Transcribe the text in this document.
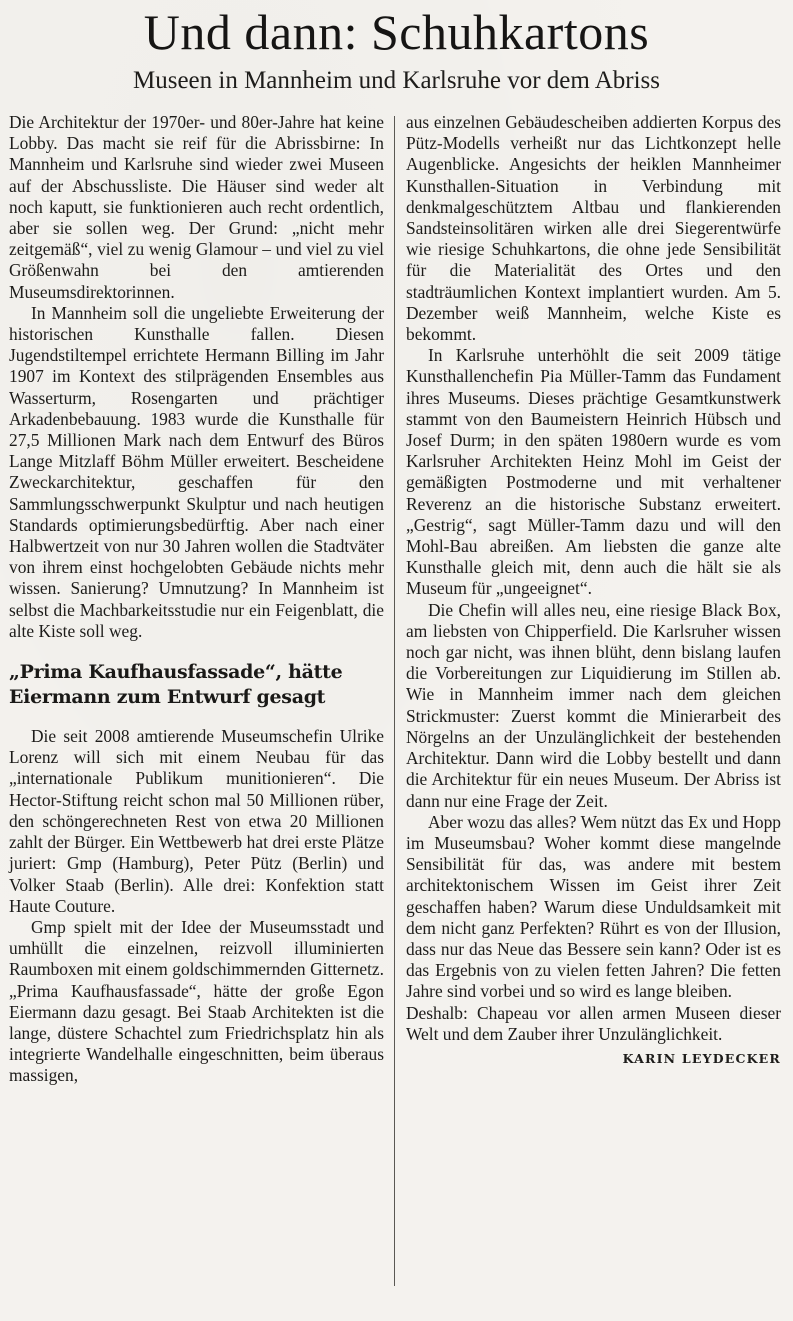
Und dann: Schuhkartons
Museen in Mannheim und Karlsruhe vor dem Abriss

Die Architektur der 1970er- und 80er-Jahre hat keine Lobby. Das macht sie reif für die Abrissbirne: In Mannheim und Karlsruhe sind wieder zwei Museen auf der Abschussliste. Die Häuser sind weder alt noch kaputt, sie funktionieren auch recht ordentlich, aber sie sollen weg. Der Grund: „nicht mehr zeitgemäß“, viel zu wenig Glamour – und viel zu viel Größenwahn bei den amtierenden Museumsdirektorinnen.

In Mannheim soll die ungeliebte Erweiterung der historischen Kunsthalle fallen. Diesen Jugendstiltempel errichtete Hermann Billing im Jahr 1907 im Kontext des stilprägenden Ensembles aus Wasserturm, Rosengarten und prächtiger Arkadenbebauung. 1983 wurde die Kunsthalle für 27,5 Millionen Mark nach dem Entwurf des Büros Lange Mitzlaff Böhm Müller erweitert. Bescheidene Zweckarchitektur, geschaffen für den Sammlungsschwerpunkt Skulptur und nach heutigen Standards optimierungsbedürftig. Aber nach einer Halbwertzeit von nur 30 Jahren wollen die Stadtväter von ihrem einst hochgelobten Gebäude nichts mehr wissen. Sanierung? Umnutzung? In Mannheim ist selbst die Machbarkeitsstudie nur ein Feigenblatt, die alte Kiste soll weg.

„Prima Kaufhausfassade“, hätte Eiermann zum Entwurf gesagt

Die seit 2008 amtierende Museumschefin Ulrike Lorenz will sich mit einem Neubau für das „internationale Publikum munitionieren“. Die Hector-Stiftung reicht schon mal 50 Millionen rüber, den schöngerechneten Rest von etwa 20 Millionen zahlt der Bürger. Ein Wettbewerb hat drei erste Plätze juriert: Gmp (Hamburg), Peter Pütz (Berlin) und Volker Staab (Berlin). Alle drei: Konfektion statt Haute Couture.

Gmp spielt mit der Idee der Museumsstadt und umhüllt die einzelnen, reizvoll illuminierten Raumboxen mit einem goldschimmernden Gitternetz. „Prima Kaufhausfassade“, hätte der große Egon Eiermann dazu gesagt. Bei Staab Architekten ist die lange, düstere Schachtel zum Friedrichsplatz hin als integrierte Wandelhalle eingeschnitten, beim überaus massigen,

aus einzelnen Gebäudescheiben addierten Korpus des Pütz-Modells verheißt nur das Lichtkonzept helle Augenblicke. Angesichts der heiklen Mannheimer Kunsthallen-Situation in Verbindung mit denkmalgeschütztem Altbau und flankierenden Sandsteinsolitären wirken alle drei Siegerentwürfe wie riesige Schuhkartons, die ohne jede Sensibilität für die Materialität des Ortes und den stadträumlichen Kontext implantiert wurden. Am 5. Dezember weiß Mannheim, welche Kiste es bekommt.

In Karlsruhe unterhöhlt die seit 2009 tätige Kunsthallenchefin Pia Müller-Tamm das Fundament ihres Museums. Dieses prächtige Gesamtkunstwerk stammt von den Baumeistern Heinrich Hübsch und Josef Durm; in den späten 1980ern wurde es vom Karlsruher Architekten Heinz Mohl im Geist der gemäßigten Postmoderne und mit verhaltener Reverenz an die historische Substanz erweitert. „Gestrig“, sagt Müller-Tamm dazu und will den Mohl-Bau abreißen. Am liebsten die ganze alte Kunsthalle gleich mit, denn auch die hält sie als Museum für „ungeeignet“.

Die Chefin will alles neu, eine riesige Black Box, am liebsten von Chipperfield. Die Karlsruher wissen noch gar nicht, was ihnen blüht, denn bislang laufen die Vorbereitungen zur Liquidierung im Stillen ab. Wie in Mannheim immer nach dem gleichen Strickmuster: Zuerst kommt die Minierarbeit des Nörgelns an der Unzulänglichkeit der bestehenden Architektur. Dann wird die Lobby bestellt und dann die Architektur für ein neues Museum. Der Abriss ist dann nur eine Frage der Zeit.

Aber wozu das alles? Wem nützt das Ex und Hopp im Museumsbau? Woher kommt diese mangelnde Sensibilität für das, was andere mit bestem architektonischem Wissen im Geist ihrer Zeit geschaffen haben? Warum diese Unduldsamkeit mit dem nicht ganz Perfekten? Rührt es von der Illusion, dass nur das Neue das Bessere sein kann? Oder ist es das Ergebnis von zu vielen fetten Jahren? Die fetten Jahre sind vorbei und so wird es lange bleiben.

Deshalb: Chapeau vor allen armen Museen dieser Welt und dem Zauber ihrer Unzulänglichkeit.
KARIN LEYDECKER
